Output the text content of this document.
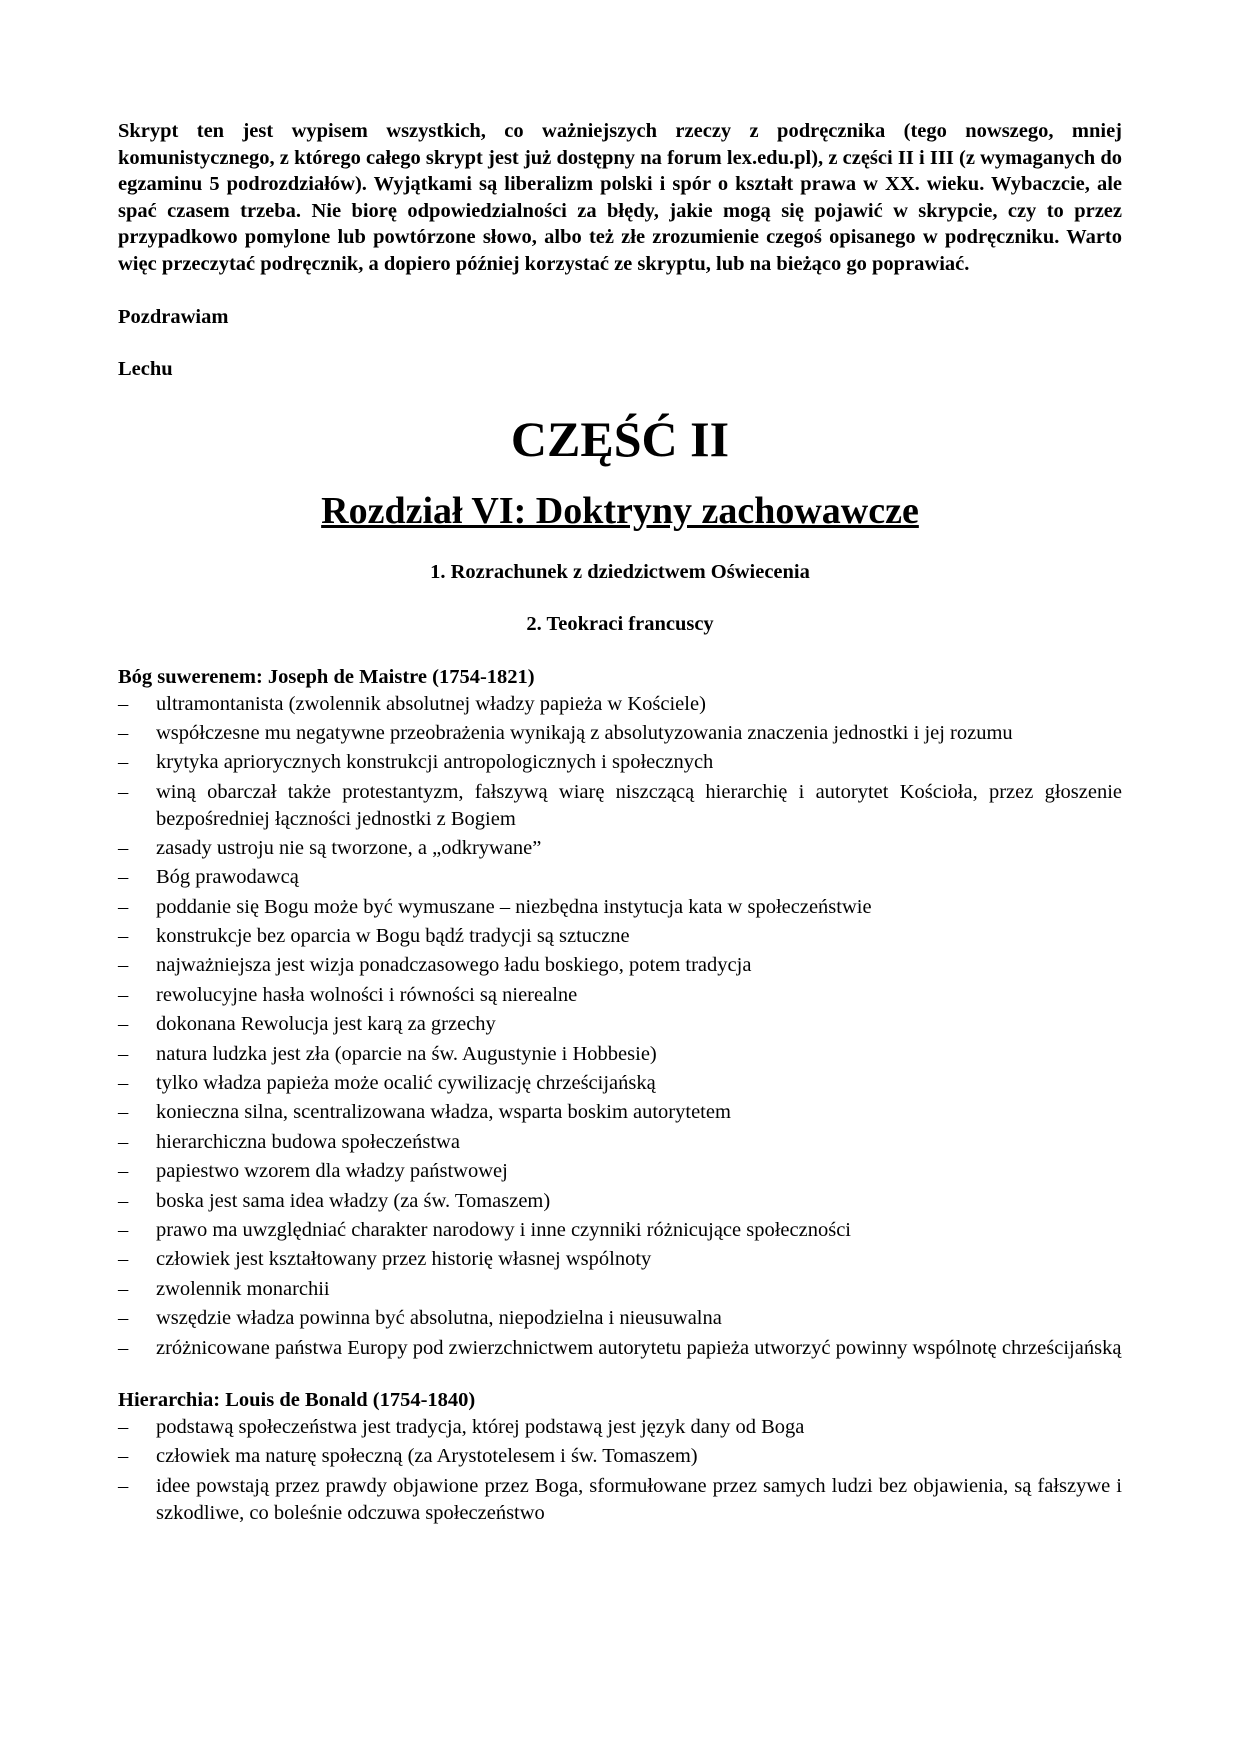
Skrypt ten jest wypisem wszystkich, co ważniejszych rzeczy z podręcznika (tego nowszego, mniej komunistycznego, z którego całego skrypt jest już dostępny na forum lex.edu.pl), z części II i III (z wymaganych do egzaminu 5 podrozdziałów). Wyjątkami są liberalizm polski i spór o kształt prawa w XX. wieku. Wybaczcie, ale spać czasem trzeba. Nie biorę odpowiedzialności za błędy, jakie mogą się pojawić w skrypcie, czy to przez przypadkowo pomylone lub powtórzone słowo, albo też złe zrozumienie czegoś opisanego w podręczniku. Warto więc przeczytać podręcznik, a dopiero później korzystać ze skryptu, lub na bieżąco go poprawiać.

Pozdrawiam

Lechu

CZĘŚĆ II
Rozdział VI: Doktryny zachowawcze

1. Rozrachunek z dziedzictwem Oświecenia

2. Teokraci francuscy

Bóg suwerenem: Joseph de Maistre (1754-1821)

–	ultramontanista (zwolennik absolutnej władzy papieża w Kościele)
–	współczesne mu negatywne przeobrażenia wynikają z absolutyzowania znaczenia jednostki i jej rozumu
–	krytyka apriorycznych konstrukcji antropologicznych i społecznych
–	winą obarczał także protestantyzm, fałszywą wiarę niszczącą hierarchię i autorytet Kościoła, przez głoszenie bezpośredniej łączności jednostki z Bogiem
–	zasady ustroju nie są tworzone, a „odkrywane”
–	Bóg prawodawcą
–	poddanie się Bogu może być wymuszane – niezbędna instytucja kata w społeczeństwie
–	konstrukcje bez oparcia w Bogu bądź tradycji są sztuczne
–	najważniejsza jest wizja ponadczasowego ładu boskiego, potem tradycja
–	rewolucyjne hasła wolności i równości są nierealne
–	dokonana Rewolucja jest karą za grzechy
–	natura ludzka jest zła (oparcie na św. Augustynie i Hobbesie)
–	tylko władza papieża może ocalić cywilizację chrześcijańską
–	konieczna silna, scentralizowana władza, wsparta boskim autorytetem
–	hierarchiczna budowa społeczeństwa
–	papiestwo wzorem dla władzy państwowej
–	boska jest sama idea władzy (za św. Tomaszem)
–	prawo ma uwzględniać charakter narodowy i inne czynniki różnicujące społeczności
–	człowiek jest kształtowany przez historię własnej wspólnoty
–	zwolennik monarchii
–	wszędzie władza powinna być absolutna, niepodzielna i nieusuwalna
–	zróżnicowane państwa Europy pod zwierzchnictwem autorytetu papieża utworzyć powinny wspólnotę chrześcijańską

Hierarchia: Louis de Bonald (1754-1840)

–	podstawą społeczeństwa jest tradycja, której podstawą jest język dany od Boga
–	człowiek ma naturę społeczną (za Arystotelesem i św. Tomaszem)
–	idee powstają przez prawdy objawione przez Boga, sformułowane przez samych ludzi bez objawienia, są fałszywe i szkodliwe, co boleśnie odczuwa społeczeństwo
